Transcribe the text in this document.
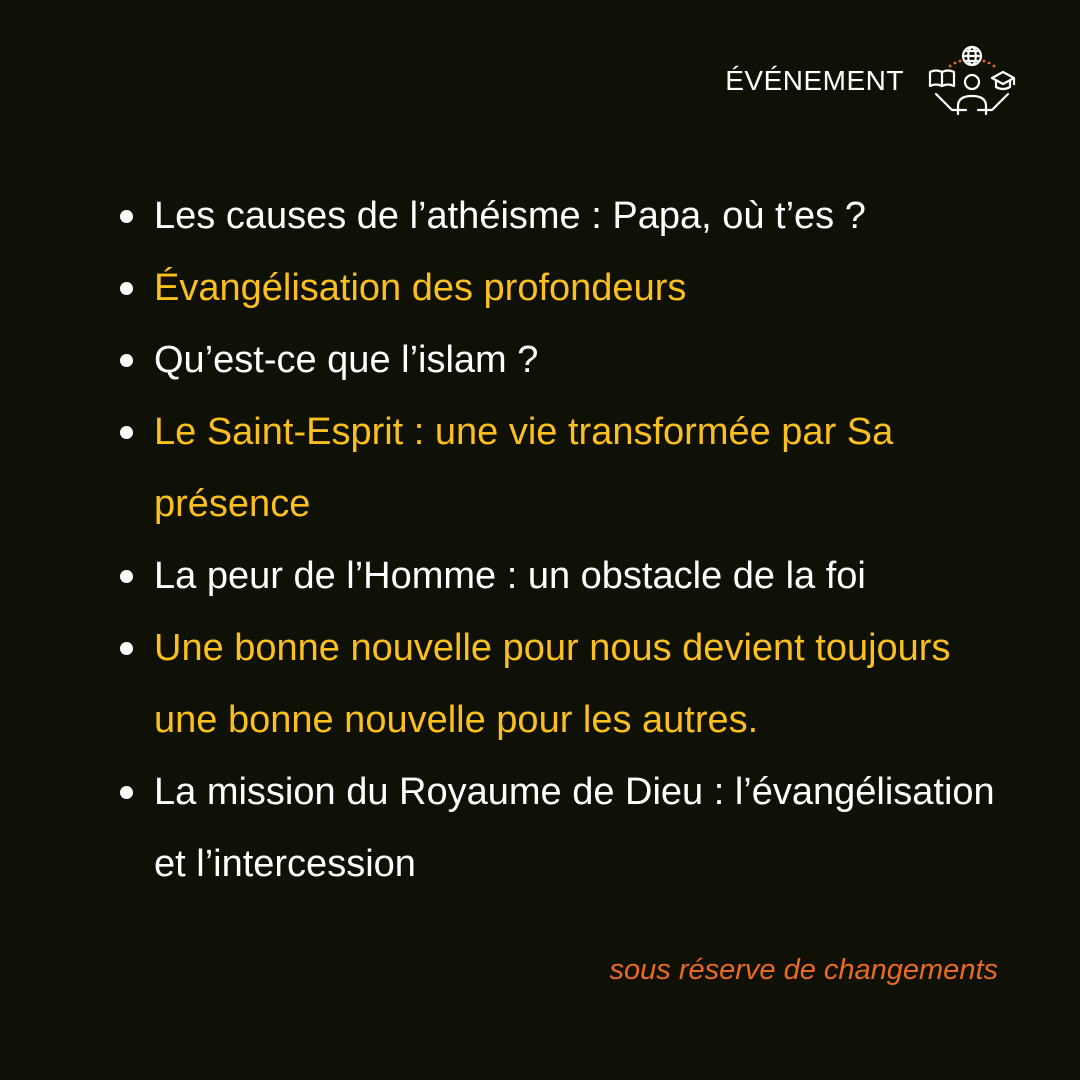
ÉVÉNEMENT
Les causes de l’athéisme : Papa, où t’es ?
Évangélisation des profondeurs
Qu’est-ce que l’islam ?
Le Saint-Esprit : une vie transformée par Sa présence
La peur de l’Homme : un obstacle de la foi
Une bonne nouvelle pour nous devient toujours une bonne nouvelle pour les autres.
La mission du Royaume de Dieu : l’évangélisation et l’intercession
sous réserve de changements
